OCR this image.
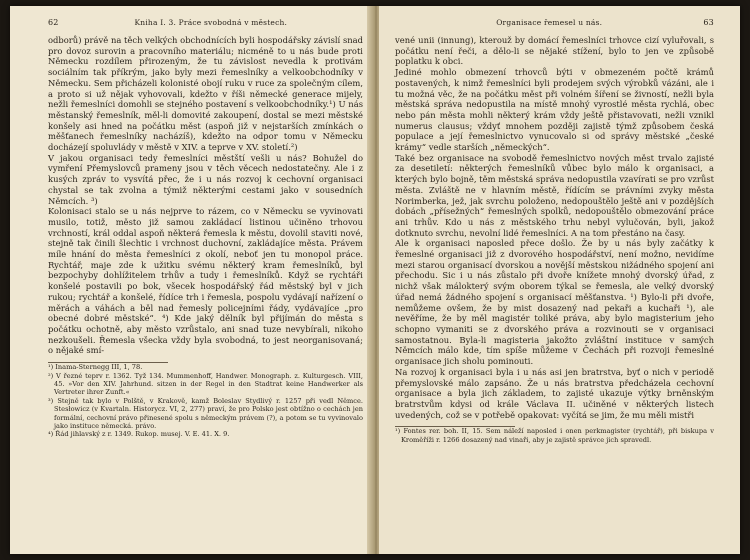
62	Kniha I. 3. Práce svobodná v městech.
odborů) právě na těch velkých obchodnících byli hospodářsky závislí snad pro dovoz surovin a pracovního materiálu; nicméně to u nás bude proti Německu rozdílem přirozeným, že tu závislost nevedla k protivám sociálním tak příkrým, jako byly mezi řemeslníky a velkoobchodníky v Německu. Sem přicházeli kolonisté obojí ruku v ruce za společným cílem, a proto si už nějak vyhovovali, kdežto v říši německé generace mijely, nežli řemeslníci domohli se stejného postavení s velkoobchodníky.¹) U nás městanský řemeslník, měl-li domovité zakoupení, dostal se mezi městské konšely asi hned na počátku měst (aspoň již v nejstarších zmínkách o měšťanech řemeslníky nacházíš), kdežto na odpor tomu v Německu docházejí spoluvlády v městě v XIV. a teprve v XV. století.²)
V jakou organisaci tedy řemeslníci městští vešli u nás? Bohužel do vymření Přemyslovců prameny jsou v těch věcech nedostatečny. Ale i z kusých zpráv to vysvítá přec, že i u nás rozvoj k cechovní organisaci chystal se tak zvolna a týmiž některými cestami jako v sousedních Němcích. ³)
Kolonisaci stalo se u nás nejprve to rázem, co v Německu se vyvinovati musilo, totiž, město již samou zakládací listinou učiněno trhovou vrchností, král oddal aspoň některá řemesla k městu, dovolil staviti nové, stejně tak činili šlechtic i vrchnost duchovní, zakládajíce města. Právem míle hnání do města řemeslníci z okolí, neboť jen tu monopol práce. Rychtář, maje zde k užitku svému některý kram řemeslníků, byl bezpochyby dohlížitelem trhův a tudy i řemeslníků. Když se rychtáři konšelé postavili po bok, všecek hospodářský řád městský byl v jich rukou; rychtář a konšelé, řídíce trh i řemesla, pospolu vydávají nařízení o měrách a váhách a běl nad řemesly policejními řády, vydávajíce „pro obecné dobré městské“. ⁴) Kde jaký dělník byl přijímán do města s počátku ochotně, aby město vzrůstalo, ani snad tuze nevybírali, nikoho nezkoušeli. Řemesla všecka vždy byla svobodná, to jest neorganisovaná; o nějaké smí-
¹) Inama-Sternegg III, 1, 78.
²) V řezné teprv r. 1362. Tyž 134. Mummenhoff, Handwer. Monograph. z. Kulturgesch. VIII, 45. »Vor den XIV. Jahrhund. sitzen in der Regel in den Stadtrat keine Handwerker als Vertreter ihrer Zunft.«
³) Stejně tak bylo v Polště, v Krakově, kamž Boleslav Stydlivý r. 1257 při vedl Němce. Stesłowicz (v Kvartaln. Historycz. VI, 2, 277) praví, že pro Polsko jest obtížno o cechách jen formální, cechovní právo přinesené spolu s německým právem (?), a potom se tu vyvinovalo jako instituce německá. právo.
⁴) Řád jihlavský z r. 1349. Rukop. musej. V. E. 41. X. 9.
Organisace řemesel u nás.	63
vené unii (innung), kterouž by domácí řemeslníci trhovce cizí vyluřovali, s počátku není řeči, a dělo-li se nějaké stížení, bylo to jen ve způsobě poplatku k obci.
Jediné mohlo obmezení trhovců býti v obmezeném počtě krámů postavených, k nimž řemeslníci byli prodejem svých výrobků vázáni, ale i tu možná věc, že na počátku měst při volném šíření se živností, nežli byla městská správa nedopustila na místě mnohý vyrostlé města rychlá, obec nebo pán města mohli některý krám vždy ještě přistavovati, nežli vznikl numerus clausus; vždyť mnohem později zajistě týmž způsobem česká populace a její řemeslnictvo vynucovalo si od správy městské „české krámy“ vedle starších „německých“.
Také bez organisace na svobodě řemeslnictvo nových měst trvalo zajisté za desetiletí: některých řemeslníků vůbec bylo málo k organisaci, a kterých bylo bojně, těm městská správa nedopustila vzavírati se pro vzrůst města. Zvláště ne v hlavním městě, řídícím se právními zvyky města Norimberka, jež, jak svrchu položeno, nedopouštělo ještě ani v pozdějších dobách „přísežných“ řemeslných spolků, nedopouštělo obmezování práce ani trhův. Kdo u nás z městského trhu nebyl vylučován, byli, jakož dotknuto svrchu, nevolní lidé řemeslníci. A na tom přestáno na časy.
Ale k organisaci naposled přece došlo. Že by u nás byly začátky k řemeslné organisaci již z dvorového hospodářství, není možno, nevidíme mezi starou organisací dvorskou a novější městskou nižádného spojení ani přechodu. Sic i u nás zůstalo při dvoře knížete mnohý dvorský úřad, z nichž však málokterý svým oborem týkal se řemesla, ale velký dvorský úřad nemá žádného spojení s organisací měšťanstva. ¹) Bylo-li při dvoře, nemůžeme ovšem, že by mist dosazený nad pekaři a kuchaři ¹), ale nevěříme, že by měl magistér toliké práva, aby bylo magisterium jeho schopno vymaniti se z dvorského práva a rozvinouti se v organisaci samostatnou. Byla-li magisteria jakožto zvláštní instituce v samých Němcích málo kde, tím spíše můžeme v Čechách při rozvoji řemeslné organisace jich sholu pominouti.
Na rozvoj k organisaci byla i u nás asi jen bratrstva, byť o nich v periodě přemyslovské málo zapsáno. Že u nás bratrstva předcházela cechovní organisace a byla jich základem, to zajisté ukazuje výtky brněnským bratrstvům kdysi od krále Václava II. učiněné v některých listech uvedených, což se v potřebě opakovat: vyčítá se jim, že mu měli mistři
¹) Fontes rer. boh. II, 15. Sem náleží naposled i onen perkmagister (rychtář), při biskupa v Kroměříži r. 1266 dosazený nad vinaři, aby je zajistě správce jich spravedl.
